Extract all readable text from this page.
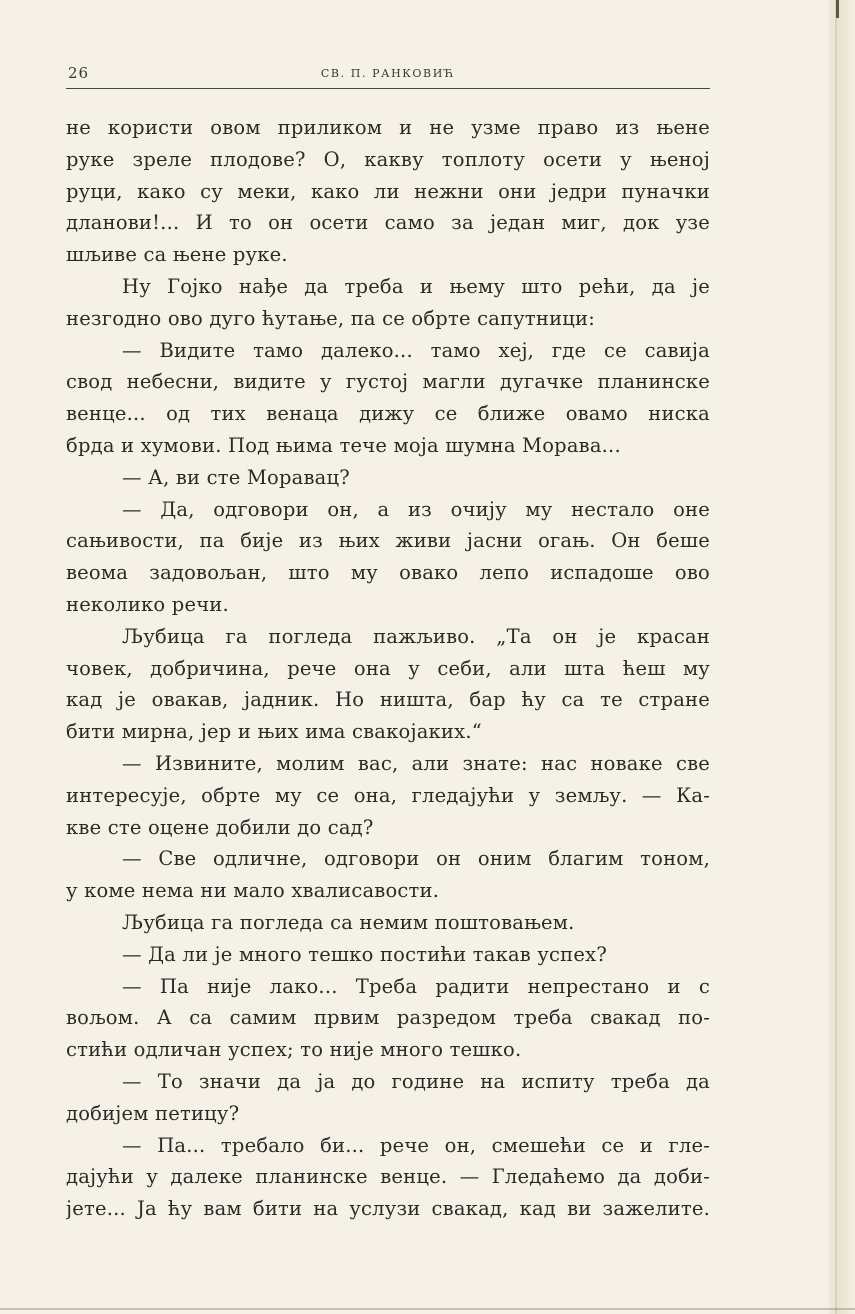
26	СВ. П. РАНКОВИЋ
не користи овом приликом и не узме право из њене
руке зреле плодове? О, какву топлоту осети у њеној
руци, како су меки, како ли нежни они једри пуначки
дланови!... И то он осети само за један миг, док узе
шљиве са њене руке.
Ну Гојко нађе да треба и њему што рећи, да је
незгодно ово дуго ћутање, па се обрте сапутници:
— Видите тамо далеко... тамо хеј, где се савија
свод небесни, видите у густој магли дугачке планинске
венце... од тих венаца дижу се ближе овамо ниска
брда и хумови. Под њима тече моја шумна Морава...
— А, ви сте Моравац?
— Да, одговори он, а из очију му нестало оне
сањивости, па бије из њих живи јасни огањ. Он беше
веома задовољан, што му овако лепо испадоше ово
неколико речи.
Љубица га погледа пажљиво. „Та он је красан
човек, добричина, рече она у себи, али шта ћеш му
кад је овакав, јадник. Но ништа, бар ћу са те стране
бити мирна, јер и њих има свакојаких.“
— Извините, молим вас, али знате: нас новаке све
интересује, обрте му се она, гледајући у земљу. — Ка-
кве сте оцене добили до сад?
— Све одличне, одговори он оним благим тоном,
у коме нема ни мало хвалисавости.
Љубица га погледа са немим поштовањем.
— Да ли је много тешко постићи такав успех?
— Па није лако... Треба радити непрестано и с
вољом. А са самим првим разредом треба свакад по-
стићи одличан успех; то није много тешко.
— То значи да ја до године на испиту треба да
добијем петицу?
— Па... требало би... рече он, смешећи се и гле-
дајући у далеке планинске венце. — Гледаћемо да доби-
јете... Ја ћу вам бити на услузи свакад, кад ви зажелите.
